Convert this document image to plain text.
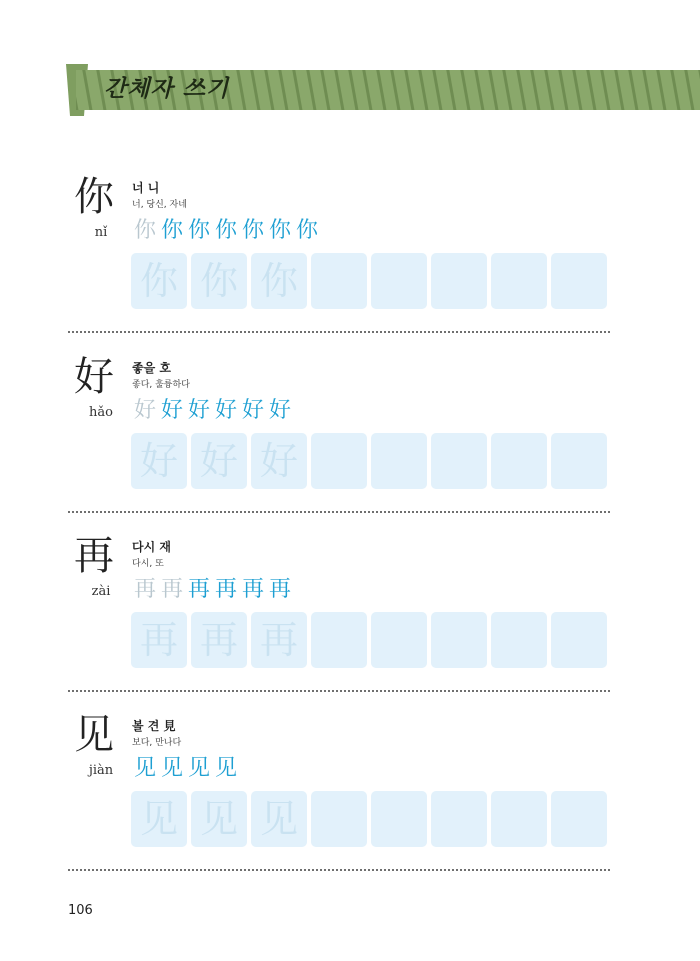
간체자 쓰기
你
nǐ
너 니
너, 당신, 자네
你 你 你 你 你 你 你
你 你 你
好
hǎo
좋을 호
좋다, 훌륭하다
好 好 好 好 好 好
好 好 好
再
zài
다시 재
다시, 또
再 再 再 再 再 再
再 再 再
见
jiàn
볼 견 見
보다, 만나다
见 见 见 见
见 见 见
106
